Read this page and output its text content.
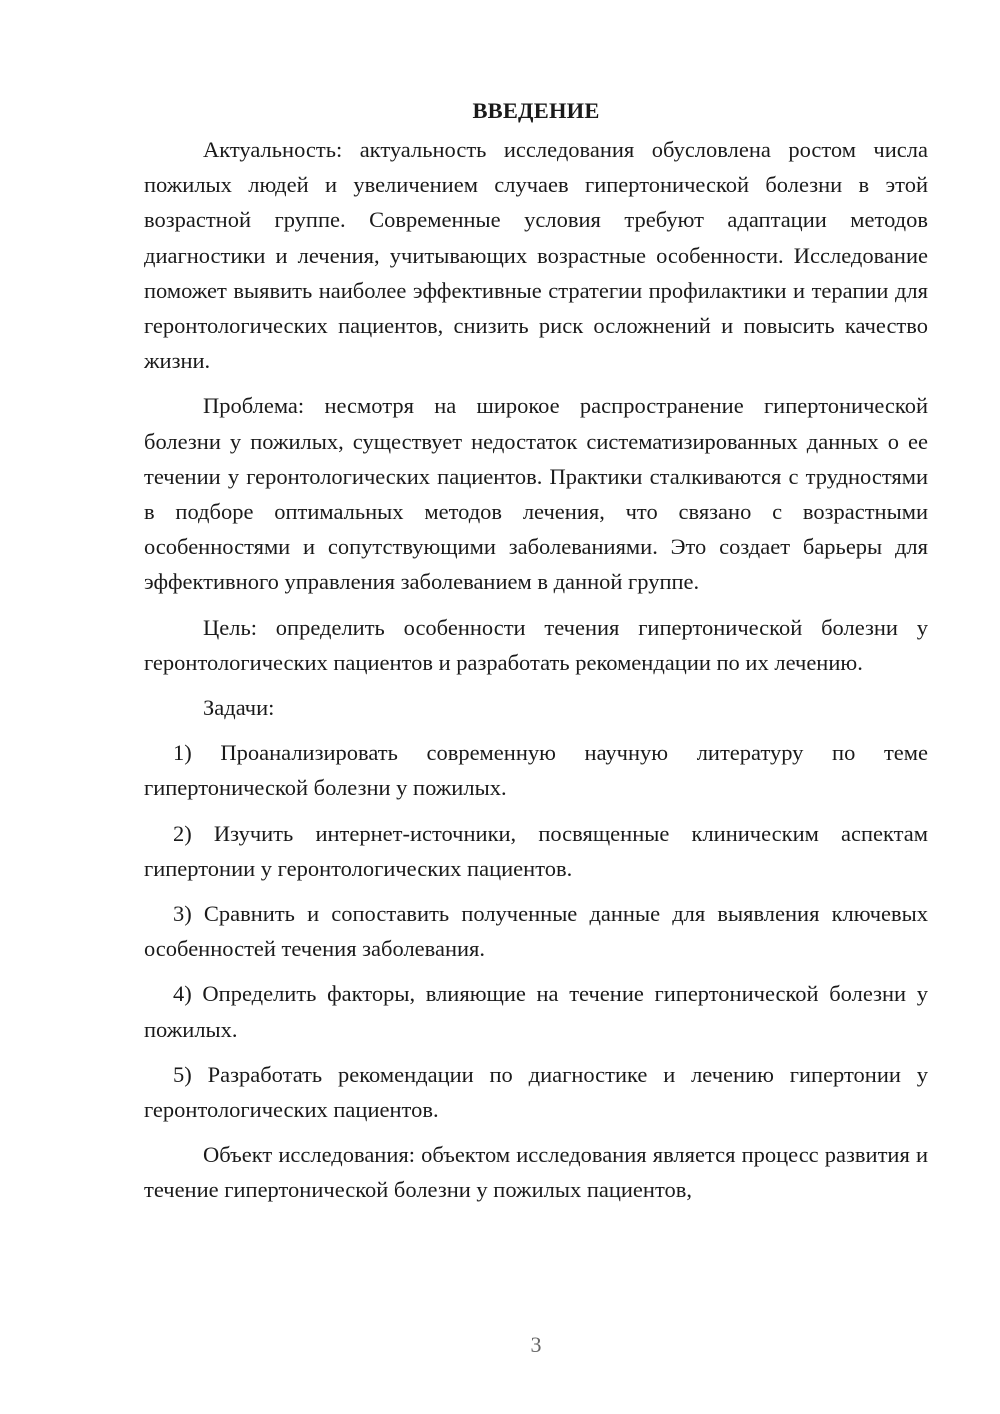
ВВЕДЕНИЕ

Актуальность: актуальность исследования обусловлена ростом числа пожилых людей и увеличением случаев гипертонической болезни в этой возрастной группе. Современные условия требуют адаптации методов диагностики и лечения, учитывающих возрастные особенности. Исследование поможет выявить наиболее эффективные стратегии профилактики и терапии для геронтологических пациентов, снизить риск осложнений и повысить качество жизни.

Проблема: несмотря на широкое распространение гипертонической болезни у пожилых, существует недостаток систематизированных данных о ее течении у геронтологических пациентов. Практики сталкиваются с трудностями в подборе оптимальных методов лечения, что связано с возрастными особенностями и сопутствующими заболеваниями. Это создает барьеры для эффективного управления заболеванием в данной группе.

Цель: определить особенности течения гипертонической болезни у геронтологических пациентов и разработать рекомендации по их лечению.

Задачи:

1) Проанализировать современную научную литературу по теме гипертонической болезни у пожилых.

2) Изучить интернет-источники, посвященные клиническим аспектам гипертонии у геронтологических пациентов.

3) Сравнить и сопоставить полученные данные для выявления ключевых особенностей течения заболевания.

4) Определить факторы, влияющие на течение гипертонической болезни у пожилых.

5) Разработать рекомендации по диагностике и лечению гипертонии у геронтологических пациентов.

Объект исследования: объектом исследования является процесс развития и течение гипертонической болезни у пожилых пациентов,

3
